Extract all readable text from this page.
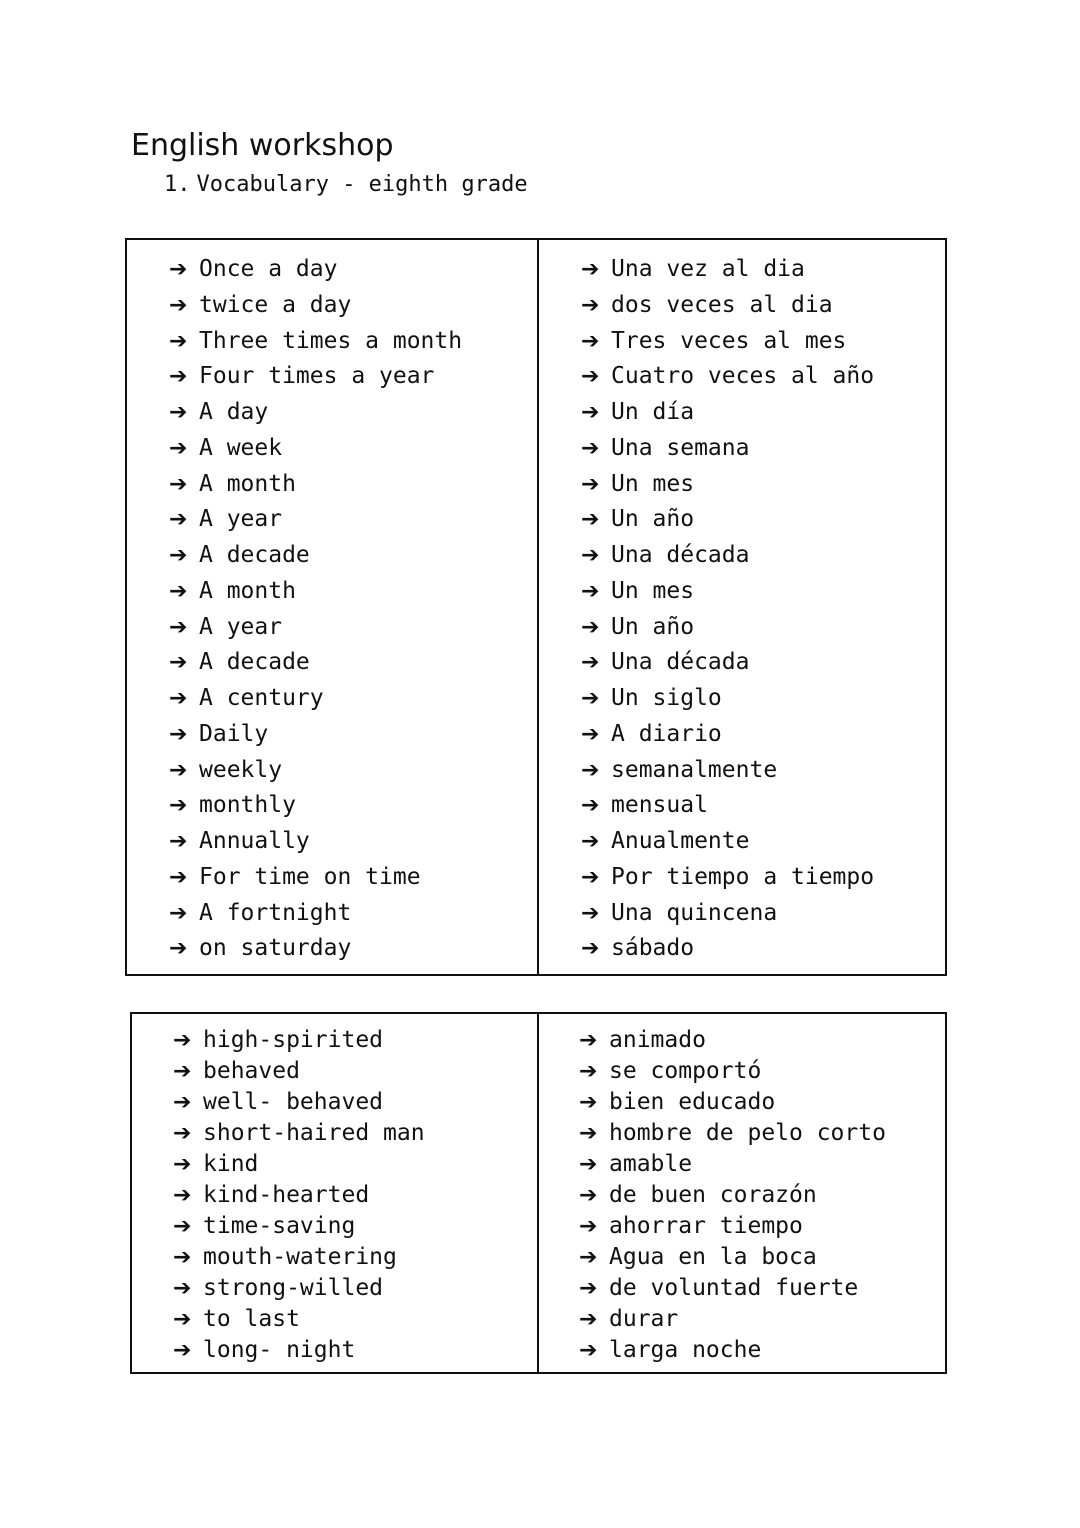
English workshop
1. Vocabulary - eighth grade
➔ Once a day
➔ twice a day
➔ Three times a month
➔ Four times a year
➔ A day
➔ A week
➔ A month
➔ A year
➔ A decade
➔ A month
➔ A year
➔ A decade
➔ A century
➔ Daily
➔ weekly
➔ monthly
➔ Annually
➔ For time on time
➔ A fortnight
➔ on saturday
➔ Una vez al dia
➔ dos veces al dia
➔ Tres veces al mes
➔ Cuatro veces al año
➔ Un día
➔ Una semana
➔ Un mes
➔ Un año
➔ Una década
➔ Un mes
➔ Un año
➔ Una década
➔ Un siglo
➔ A diario
➔ semanalmente
➔ mensual
➔ Anualmente
➔ Por tiempo a tiempo
➔ Una quincena
➔ sábado
➔ high-spirited
➔ behaved
➔ well- behaved
➔ short-haired man
➔ kind
➔ kind-hearted
➔ time-saving
➔ mouth-watering
➔ strong-willed
➔ to last
➔ long- night
➔ animado
➔ se comportó
➔ bien educado
➔ hombre de pelo corto
➔ amable
➔ de buen corazón
➔ ahorrar tiempo
➔ Agua en la boca
➔ de voluntad fuerte
➔ durar
➔ larga noche
